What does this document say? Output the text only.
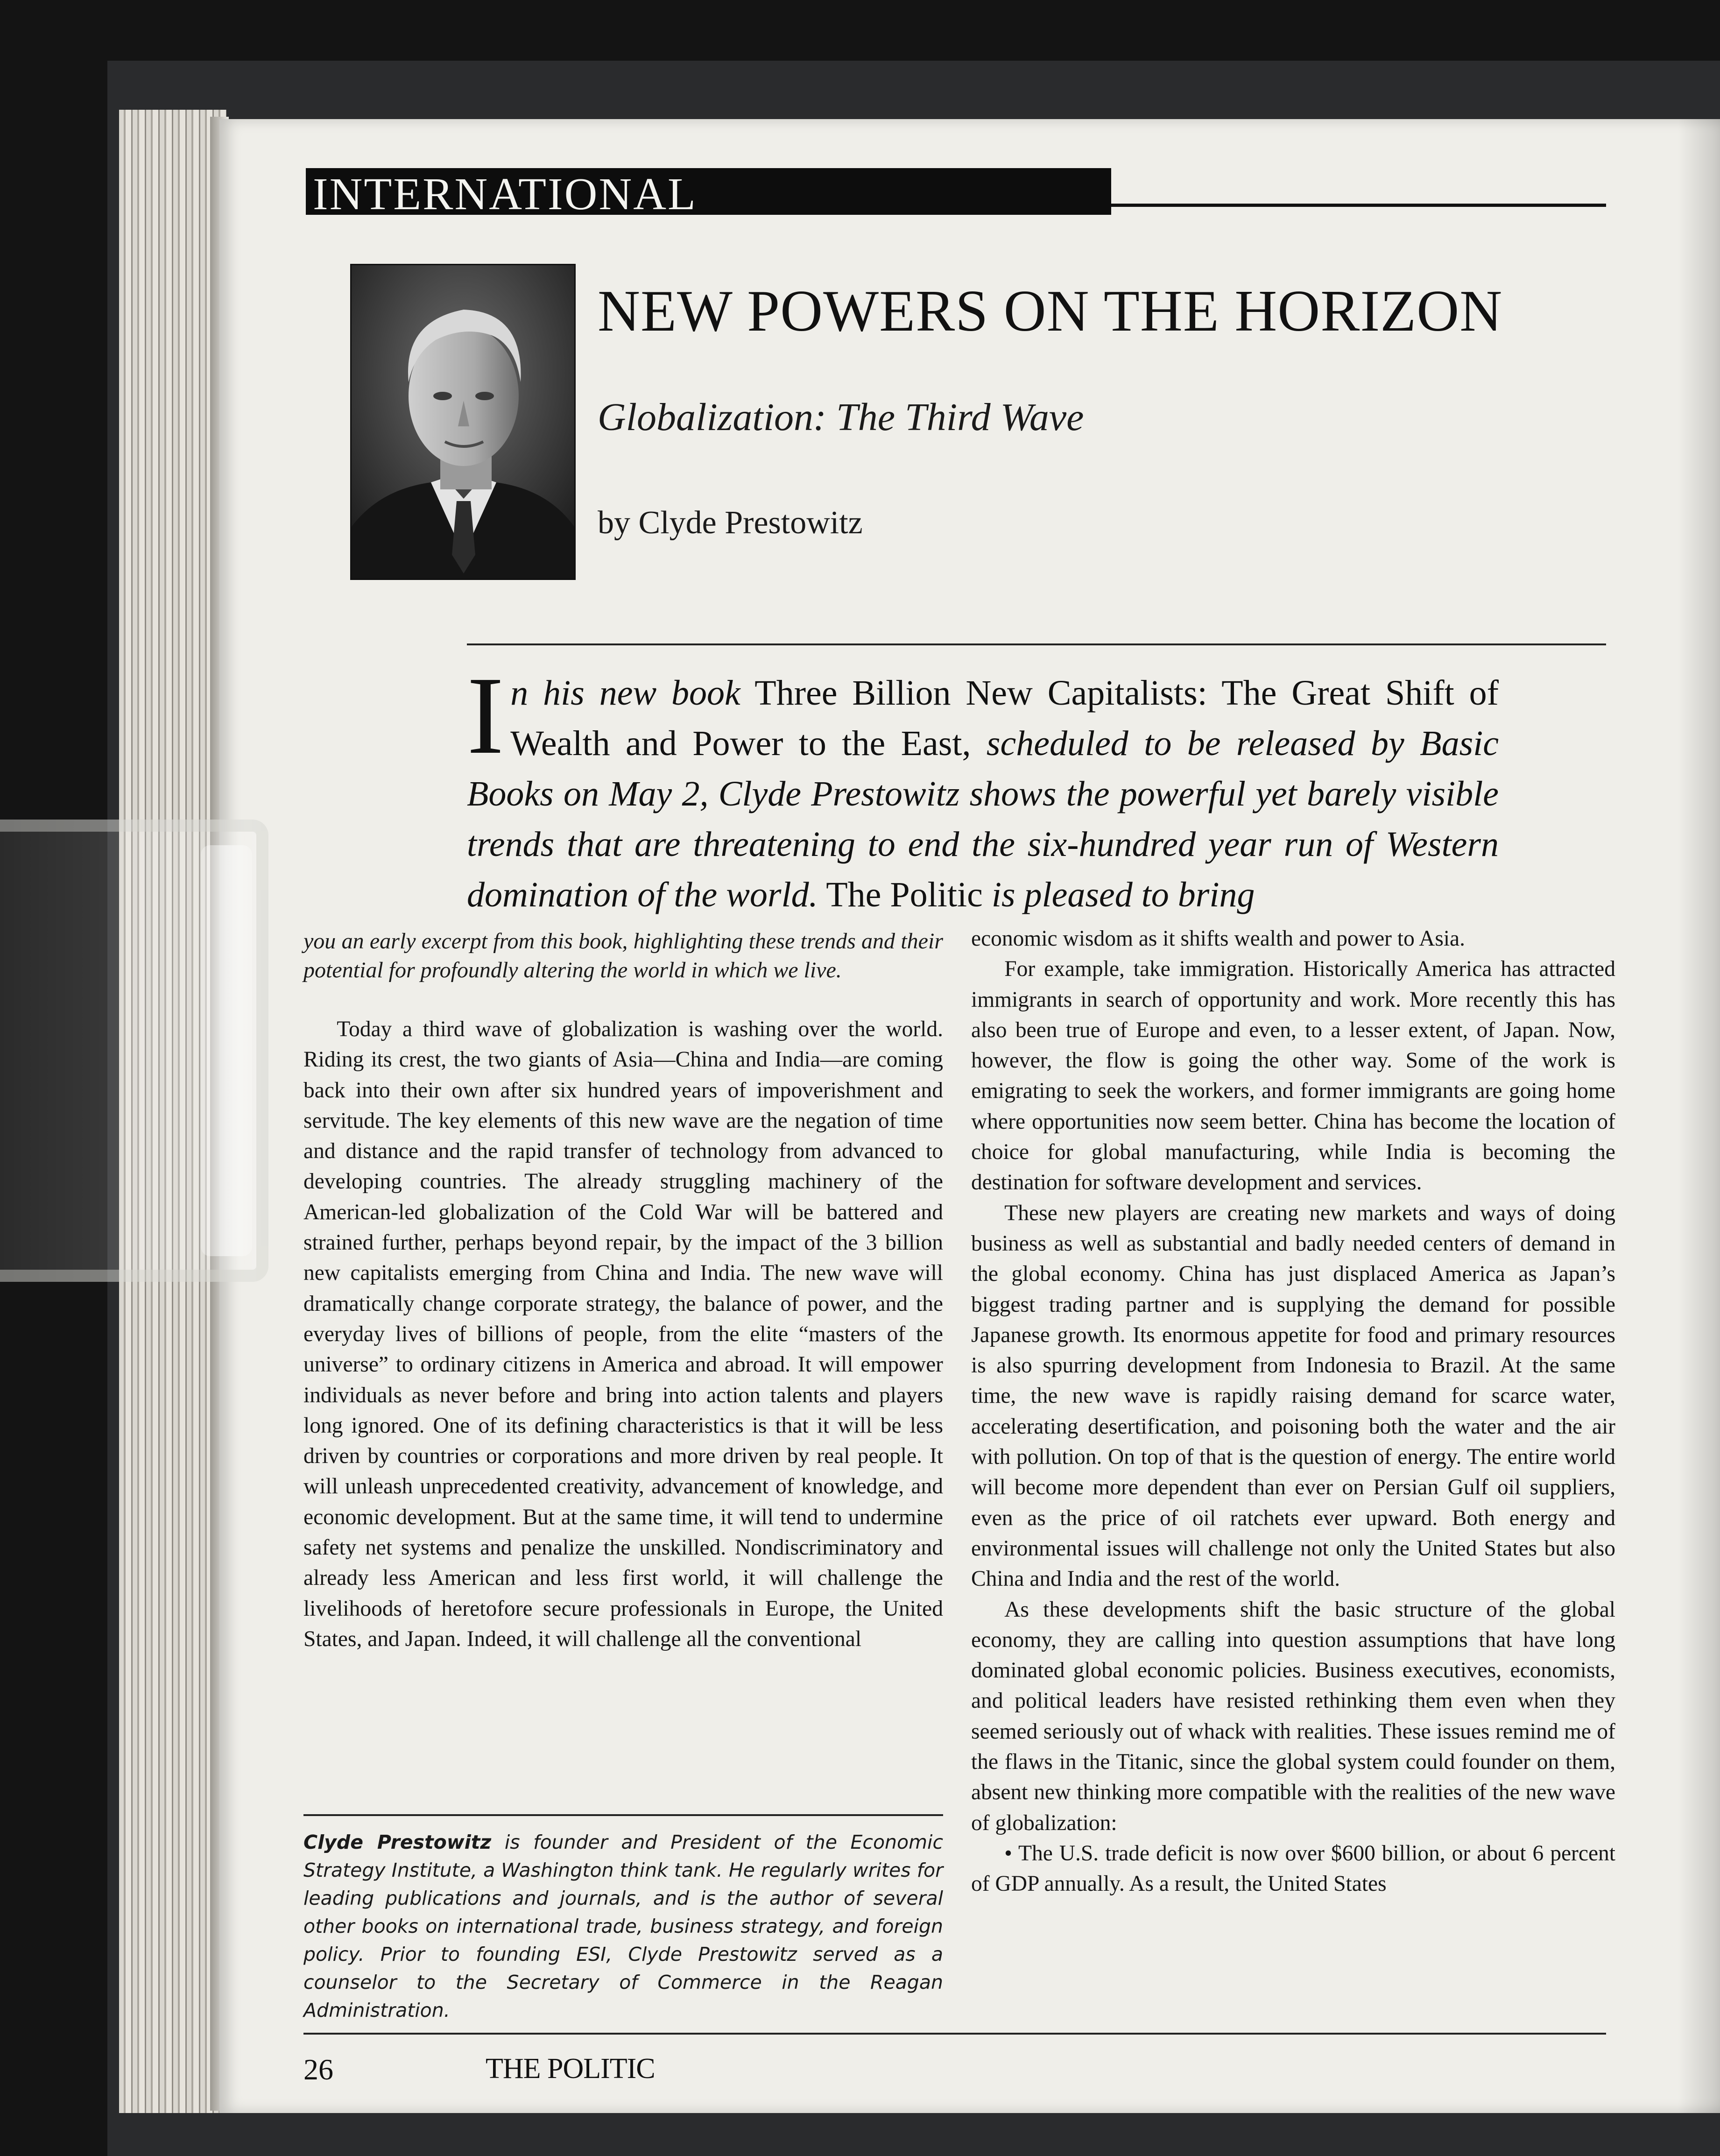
INTERNATIONAL
NEW POWERS ON THE HORIZON
Globalization: The Third Wave
by Clyde Prestowitz
I n his new book Three Billion New Capitalists: The Great Shift of Wealth and Power to the East, scheduled to be released by Basic Books on May 2, Clyde Prestowitz shows the powerful yet barely visible trends that are threatening to end the six-hundred year run of Western domination of the world. The Politic is pleased to bring
you an early excerpt from this book, highlighting these trends and their potential for profoundly altering the world in which we live.

Today a third wave of globalization is washing over the world. Riding its crest, the two giants of Asia—China and India—are coming back into their own after six hundred years of impoverishment and servitude. The key elements of this new wave are the negation of time and distance and the rapid transfer of technology from advanced to developing countries. The already struggling machinery of the American-led globalization of the Cold War will be battered and strained further, perhaps beyond repair, by the impact of the 3 billion new capitalists emerging from China and India. The new wave will dramatically change corporate strategy, the balance of power, and the everyday lives of billions of people, from the elite “masters of the universe” to ordinary citizens in America and abroad. It will empower individuals as never before and bring into action talents and players long ignored. One of its defining characteristics is that it will be less driven by countries or corporations and more driven by real people. It will unleash unprecedented creativity, advancement of knowledge, and economic development. But at the same time, it will tend to undermine safety net systems and penalize the unskilled. Nondiscriminatory and already less American and less first world, it will challenge the livelihoods of heretofore secure professionals in Europe, the United States, and Japan. Indeed, it will challenge all the conventional

economic wisdom as it shifts wealth and power to Asia.

For example, take immigration. Historically America has attracted immigrants in search of opportunity and work. More recently this has also been true of Europe and even, to a lesser extent, of Japan. Now, however, the flow is going the other way. Some of the work is emigrating to seek the workers, and former immigrants are going home where opportunities now seem better. China has become the location of choice for global manufacturing, while India is becoming the destination for software development and services.

These new players are creating new markets and ways of doing business as well as substantial and badly needed centers of demand in the global economy. China has just displaced America as Japan’s biggest trading partner and is supplying the demand for possible Japanese growth. Its enormous appetite for food and primary resources is also spurring development from Indonesia to Brazil. At the same time, the new wave is rapidly raising demand for scarce water, accelerating desertification, and poisoning both the water and the air with pollution. On top of that is the question of energy. The entire world will become more dependent than ever on Persian Gulf oil suppliers, even as the price of oil ratchets ever upward. Both energy and environmental issues will challenge not only the United States but also China and India and the rest of the world.

As these developments shift the basic structure of the global economy, they are calling into question assumptions that have long dominated global economic policies. Business executives, economists, and political leaders have resisted rethinking them even when they seemed seriously out of whack with realities. These issues remind me of the flaws in the Titanic, since the global system could founder on them, absent new thinking more compatible with the realities of the new wave of globalization:

• The U.S. trade deficit is now over $600 billion, or about 6 percent of GDP annually. As a result, the United States

Clyde Prestowitz is founder and President of the Economic Strategy Institute, a Washington think tank. He regularly writes for leading publications and journals, and is the author of several other books on international trade, business strategy, and foreign policy. Prior to founding ESI, Clyde Prestowitz served as a counselor to the Secretary of Commerce in the Reagan Administration.
26	THE POLITIC
